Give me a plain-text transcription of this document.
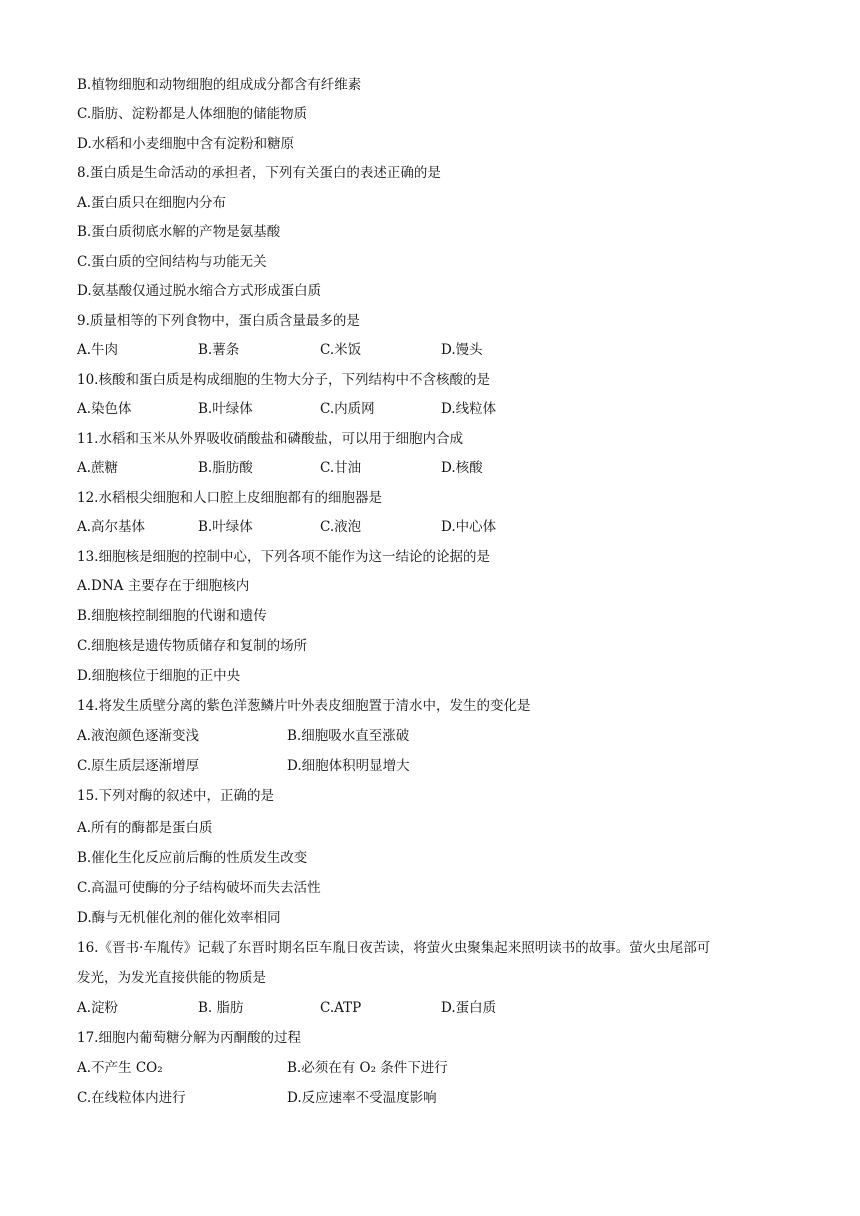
B.植物细胞和动物细胞的组成成分都含有纤维素
C.脂肪、淀粉都是人体细胞的储能物质
D.水稻和小麦细胞中含有淀粉和糖原
8.蛋白质是生命活动的承担者，下列有关蛋白的表述正确的是
A.蛋白质只在细胞内分布
B.蛋白质彻底水解的产物是氨基酸
C.蛋白质的空间结构与功能无关
D.氨基酸仅通过脱水缩合方式形成蛋白质
9.质量相等的下列食物中，蛋白质含量最多的是
A.牛肉	B.薯条	C.米饭	D.馒头
10.核酸和蛋白质是构成细胞的生物大分子，下列结构中不含核酸的是
A.染色体	B.叶绿体	C.内质网	D.线粒体
11.水稻和玉米从外界吸收硝酸盐和磷酸盐，可以用于细胞内合成
A.蔗糖	B.脂肪酸	C.甘油	D.核酸
12.水稻根尖细胞和人口腔上皮细胞都有的细胞器是
A.高尔基体	B.叶绿体	C.液泡	D.中心体
13.细胞核是细胞的控制中心，下列各项不能作为这一结论的论据的是
A.DNA 主要存在于细胞核内
B.细胞核控制细胞的代谢和遗传
C.细胞核是遗传物质储存和复制的场所
D.细胞核位于细胞的正中央
14.将发生质壁分离的紫色洋葱鳞片叶外表皮细胞置于清水中，发生的变化是
A.液泡颜色逐渐变浅	B.细胞吸水直至涨破
C.原生质层逐渐增厚	D.细胞体积明显增大
15.下列对酶的叙述中，正确的是
A.所有的酶都是蛋白质
B.催化生化反应前后酶的性质发生改变
C.高温可使酶的分子结构破坏而失去活性
D.酶与无机催化剂的催化效率相同
16.《晋书·车胤传》记载了东晋时期名臣车胤日夜苦读，将萤火虫聚集起来照明读书的故事。萤火虫尾部可
发光，为发光直接供能的物质是
A.淀粉	B. 脂肪	C.ATP	D.蛋白质
17.细胞内葡萄糖分解为丙酮酸的过程
A.不产生 CO₂	B.必须在有 O₂ 条件下进行
C.在线粒体内进行	D.反应速率不受温度影响
